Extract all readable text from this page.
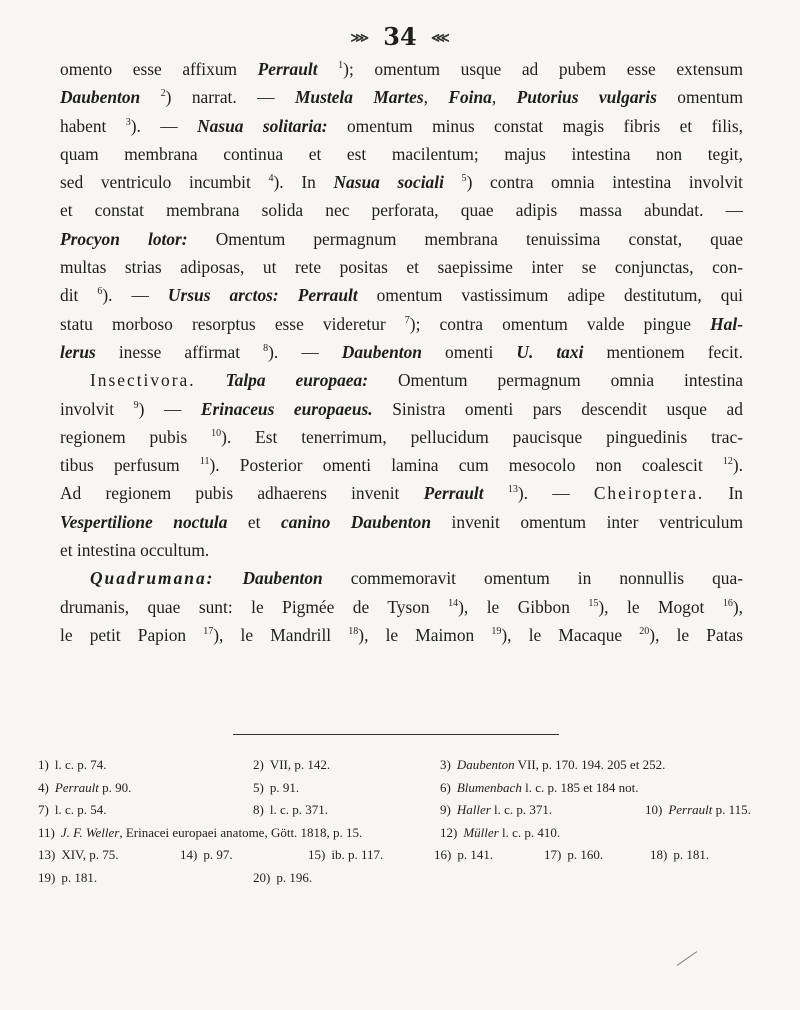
⋙ 34 ⋘
omento esse affixum Perrault $^1$); omentum usque ad pubem esse extensum
Daubenton $^2$) narrat. — Mustela Martes, Foina, Putorius vulgaris omentum
habent $^3$). — Nasua solitaria: omentum minus constat magis fibris et filis,
quam membrana continua et est macilentum; majus intestina non tegit,
sed ventriculo incumbit $^4$). In Nasua sociali $^5$) contra omnia intestina involvit
et constat membrana solida nec perforata, quae adipis massa abundat. —
Procyon lotor: Omentum permagnum membrana tenuissima constat, quae
multas strias adiposas, ut rete positas et saepissime inter se conjunctas, con-
dit $^6$). — Ursus arctos: Perrault omentum vastissimum adipe destitutum, qui
statu morboso resorptus esse videretur $^7$); contra omentum valde pingue Hal-
lerus inesse affirmat $^8$). — Daubenton omenti U. taxi mentionem fecit.
Insectivora. Talpa europaea: Omentum permagnum omnia intestina
involvit $^9$) — Erinaceus europaeus. Sinistra omenti pars descendit usque ad
regionem pubis $^{10}$). Est tenerrimum, pellucidum paucisque pinguedinis trac-
tibus perfusum $^{11}$). Posterior omenti lamina cum mesocolo non coalescit $^{12}$).
Ad regionem pubis adhaerens invenit Perrault $^{13}$). — Cheiroptera. In
Vespertilione noctula et canino Daubenton invenit omentum inter ventriculum
et intestina occultum.
Quadrumana: Daubenton commemoravit omentum in nonnullis qua-
drumanis, quae sunt: le Pigmée de Tyson $^{14}$), le Gibbon $^{15}$), le Mogot $^{16}$),
le petit Papion $^{17}$), le Mandrill $^{18}$), le Maimon $^{19}$), le Macaque $^{20}$), le Patas
1) l. c. p. 74.	2) VII, p. 142.	3) Daubenton VII, p. 170. 194. 205 et 252.
4) Perrault p. 90.	5) p. 91.	6) Blumenbach l. c. p. 185 et 184 not.
7) l. c. p. 54.	8) l. c. p. 371.	9) Haller l. c. p. 371.	10) Perrault p. 115.
11) J. F. Weller, Erinacei europaei anatome, Gött. 1818, p. 15.	12) Müller l. c. p. 410.
13) XIV, p. 75.	14) p. 97.	15) ib. p. 117.	16) p. 141.	17) p. 160.	18) p. 181.
19) p. 181.	20) p. 196.
